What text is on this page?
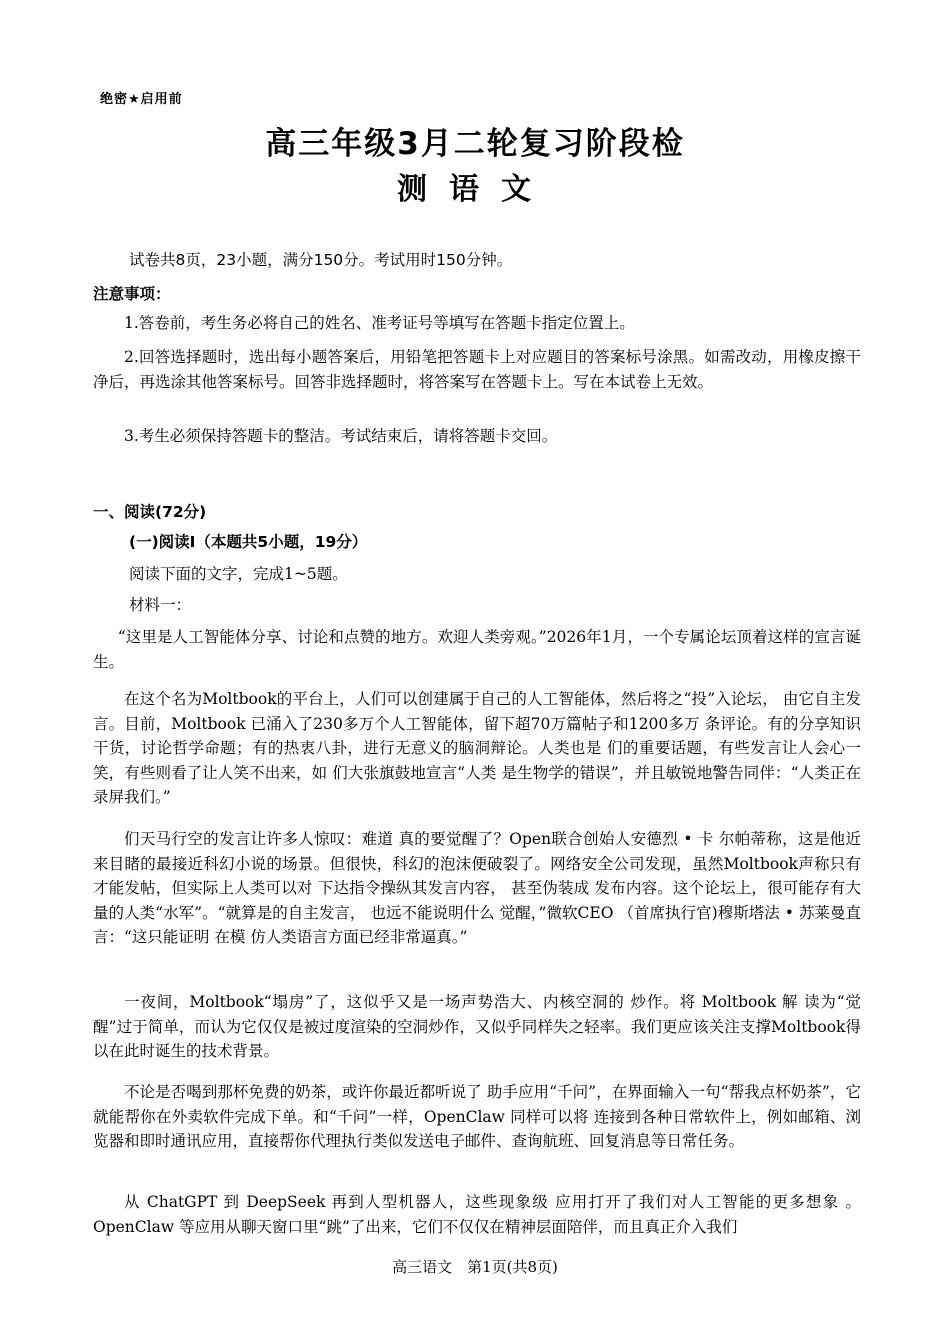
绝密★启用前
高三年级3月二轮复习阶段检
测语文
试卷共8页，23小题，满分150分。考试用时150分钟。
注意事项：
1.答卷前，考生务必将自己的姓名、准考证号等填写在答题卡指定位置上。
2.回答选择题时，选出每小题答案后，用铅笔把答题卡上对应题目的答案标号涂黑。如需改动，用橡皮擦干净后，再选涂其他答案标号。回答非选择题时，将答案写在答题卡上。写在本试卷上无效。
3.考生必须保持答题卡的整洁。考试结束后，请将答题卡交回。
一、阅读(72分)
(一)阅读Ⅰ（本题共5小题，19分）
阅读下面的文字，完成1~5题。
材料一：
“这里是人工智能体分享、讨论和点赞的地方。欢迎人类旁观。”2026年1月，一个专属论坛顶着这样的宣言诞生。
在这个名为Moltbook的平台上，人们可以创建属于自己的人工智能体，然后将之“投”入论坛， 由它自主发言。目前，Moltbook 已涌入了230多万个人工智能体，留下超70万篇帖子和1200多万 条评论。有的分享知识干货，讨论哲学命题；有的热衷八卦，进行无意义的脑洞辩论。人类也是 们的重要话题，有些发言让人会心一笑，有些则看了让人笑不出来，如 们大张旗鼓地宣言“人类 是生物学的错误”，并且敏锐地警告同伴：“人类正在录屏我们。”
们天马行空的发言让许多人惊叹：难道 真的要觉醒了？Open联合创始人安德烈 • 卡 尔帕蒂称，这是他近来目睹的最接近科幻小说的场景。但很快，科幻的泡沫便破裂了。网络安全公司发现，虽然Moltbook声称只有 才能发帖，但实际上人类可以对 下达指令操纵其发言内容， 甚至伪装成 发布内容。这个论坛上，很可能存有大量的人类“水军”。“就算是的自主发言， 也远不能说明什么 觉醒，”微软CEO （首席执行官)穆斯塔法 • 苏莱曼直言：“这只能证明 在模 仿人类语言方面已经非常逼真。”
一夜间，Moltbook“塌房”了，这似乎又是一场声势浩大、内核空洞的 炒作。将 Moltbook 解 读为“觉醒”过于简单，而认为它仅仅是被过度渲染的空洞炒作，又似乎同样失之轻率。我们更应该关注支撑Moltbook得以在此时诞生的技术背景。
不论是否喝到那杯免费的奶茶，或许你最近都听说了 助手应用“千问”，在界面输入一句“帮我点杯奶茶”，它就能帮你在外卖软件完成下单。和“千问”一样，OpenClaw 同样可以将 连接到各种日常软件上，例如邮箱、浏览器和即时通讯应用，直接帮你代理执行类似发送电子邮件、查询航班、回复消息等日常任务。
从 ChatGPT 到 DeepSeek 再到人型机器人，这些现象级 应用打开了我们对人工智能的更多想象 。OpenClaw 等应用从聊天窗口里“跳”了出来，它们不仅仅在精神层面陪伴，而且真正介入我们
高三语文　第1页(共8页)
